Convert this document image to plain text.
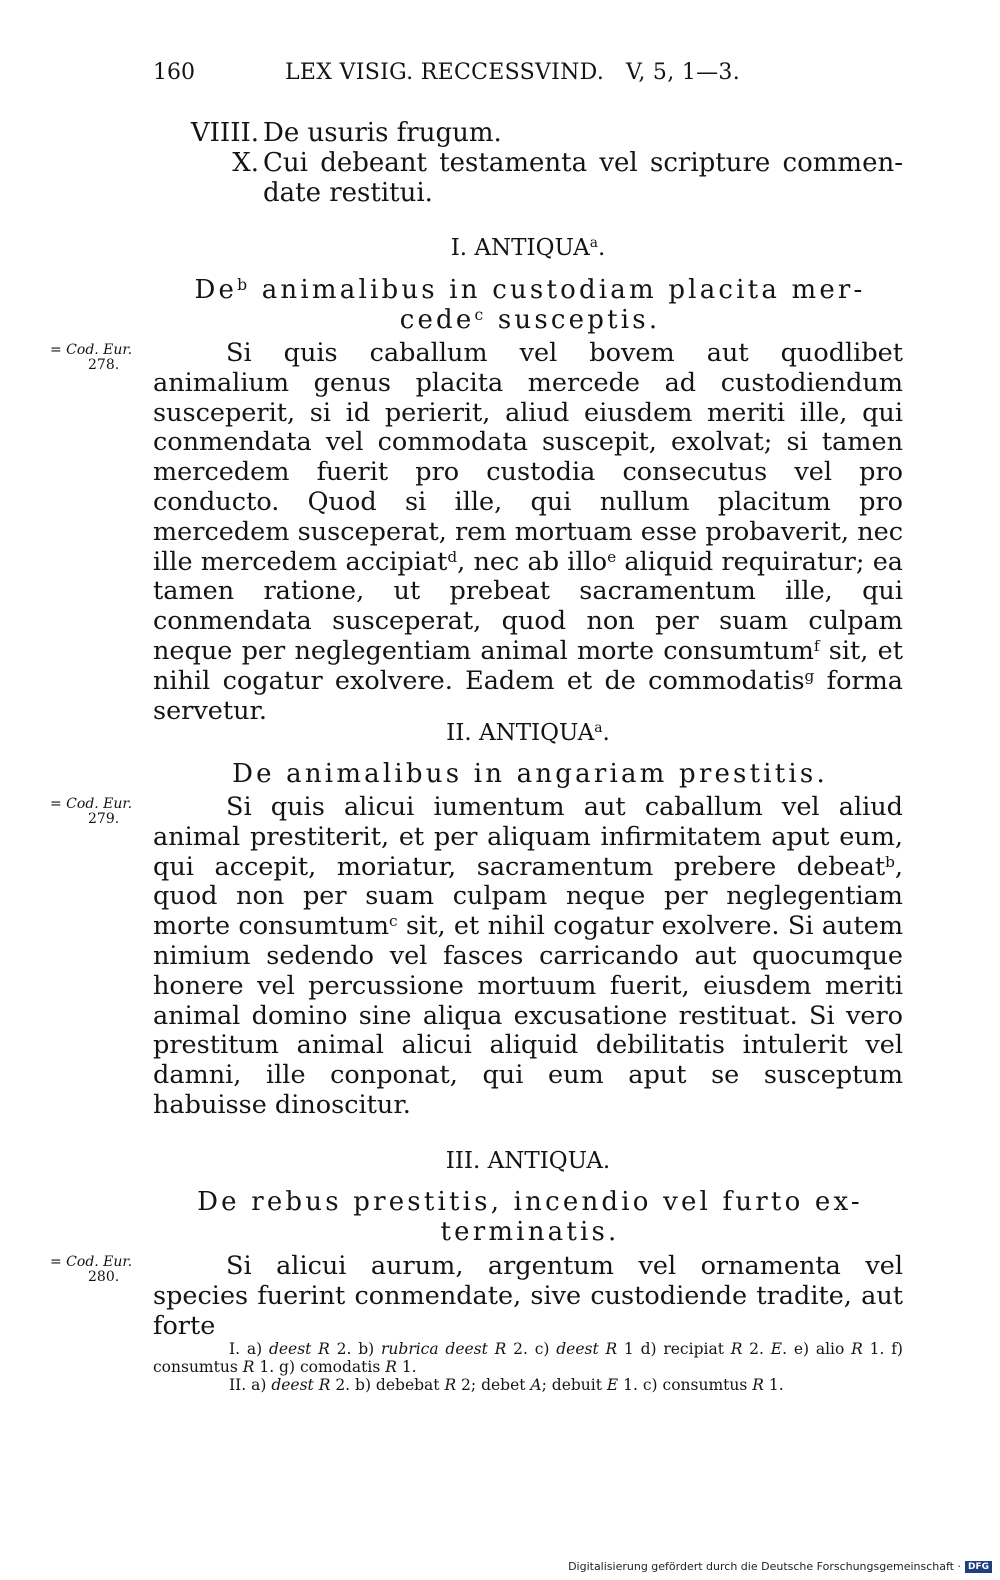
160	LEX VISIG. RECCESSVIND.   V, 5, 1—3.
VIIII. De usuris frugum.
X. Cui debeant testamenta vel scripture commen-
date restitui.
I. ANTIQUA$^a$.
De$^b$ animalibus in custodiam placita mer-
cede$^c$ susceptis.
= Cod. Eur.
278.	Si quis caballum vel bovem aut quodlibet animalium genus placita mercede ad custodiendum susceperit, si id perierit, aliud eiusdem meriti ille, qui conmendata vel commodata suscepit, exolvat; si tamen mercedem fuerit pro custodia consecutus vel pro conducto. Quod si ille, qui nullum placitum pro mercedem susceperat, rem mortuam esse probaverit, nec ille mercedem accipiat$^d$, nec ab illo$^e$ aliquid requiratur; ea tamen ratione, ut prebeat sacramentum ille, qui conmendata susceperat, quod non per suam culpam neque per neglegentiam animal morte consumtum$^f$ sit, et nihil cogatur exolvere. Eadem et de commodatis$^g$ forma servetur.

II. ANTIQUA$^a$.
De animalibus in angariam prestitis.
= Cod. Eur.
279.	Si quis alicui iumentum aut caballum vel aliud animal prestiterit, et per aliquam infirmitatem aput eum, qui accepit, moriatur, sacramentum prebere debeat$^b$, quod non per suam culpam neque per neglegentiam morte consumtum$^c$ sit, et nihil cogatur exolvere. Si autem nimium sedendo vel fasces carricando aut quocumque honere vel percussione mortuum fuerit, eiusdem meriti animal domino sine aliqua excusatione restituat. Si vero prestitum animal alicui aliquid debilitatis intulerit vel damni, ille conponat, qui eum aput se susceptum habuisse dinoscitur.

III. ANTIQUA.
De rebus prestitis, incendio vel furto ex-
terminatis.
= Cod. Eur.
280.	Si alicui aurum, argentum vel ornamenta vel species fuerint conmendate, sive custodiende tradite, aut forte

I. a) deest R 2. b) rubrica deest R 2. c) deest R 1 d) recipiat R 2. E. e) alio R 1. f) consumtus R 1. g) comodatis R 1.
II. a) deest R 2. b) debebat R 2; debet A; debuit E 1. c) consumtus R 1.
Digitalisierung gefördert durch die Deutsche Forschungsgemeinschaft · DFG
